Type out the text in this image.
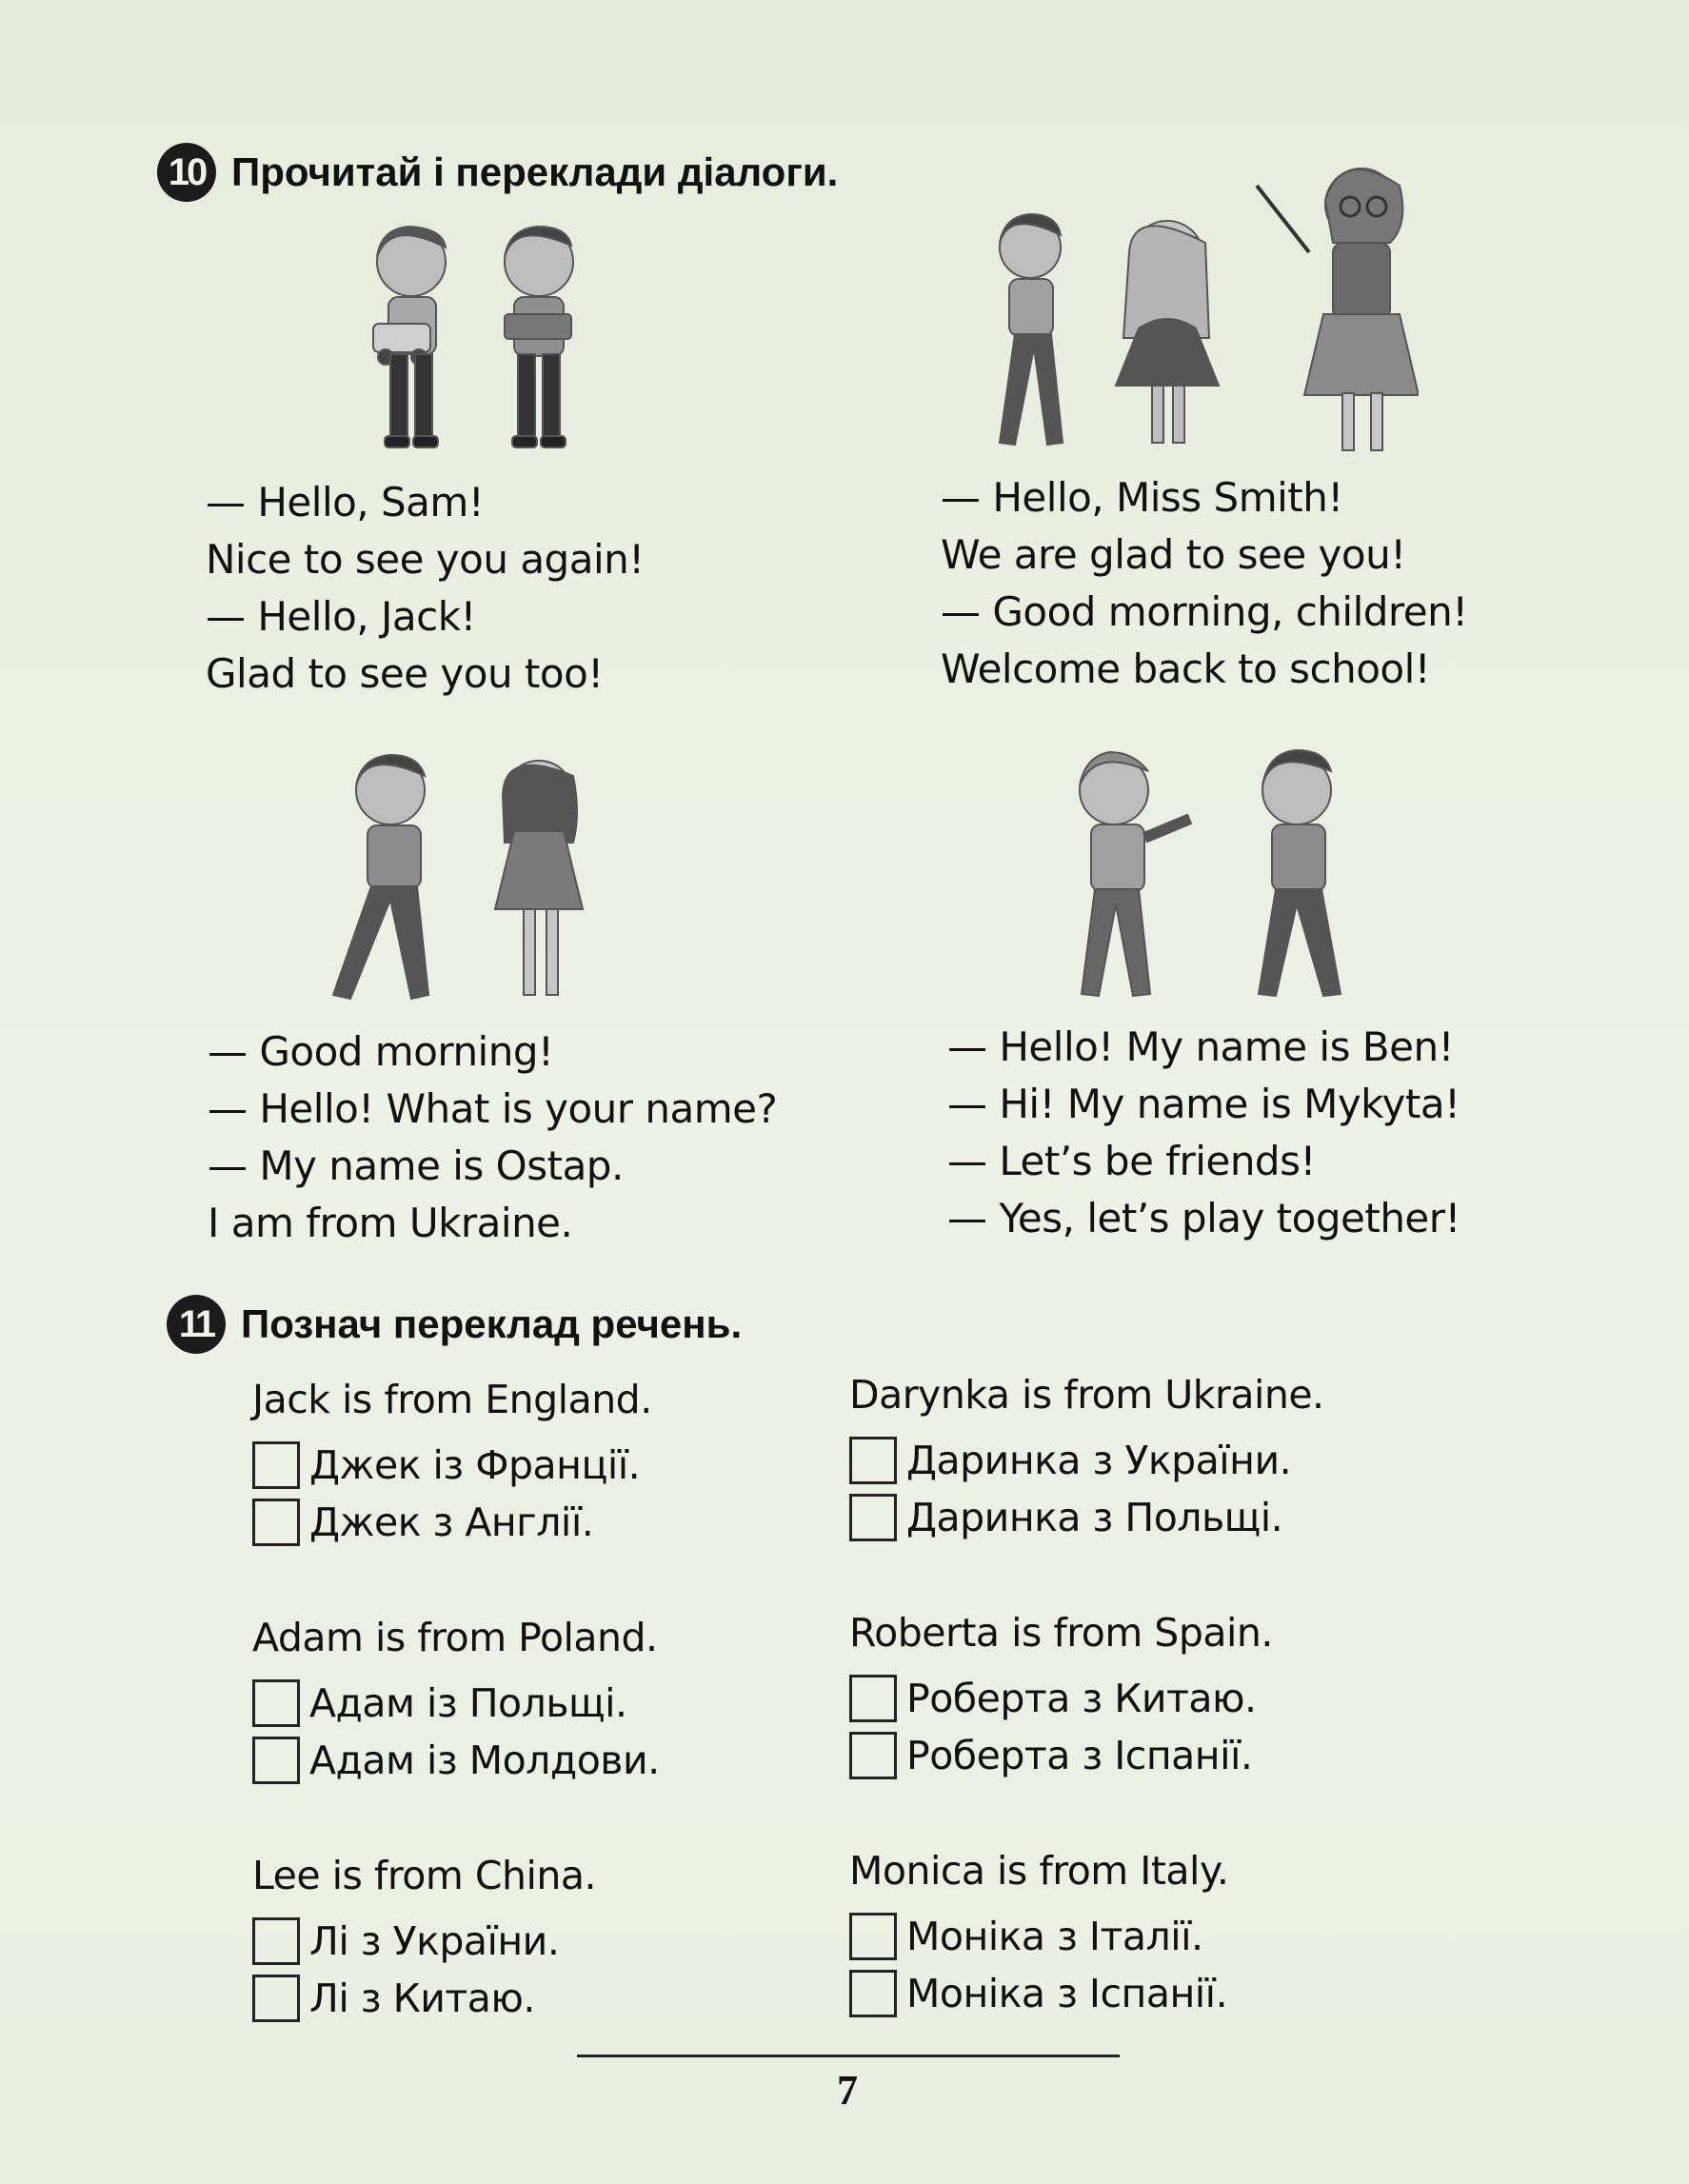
10 Прочитай і переклади діалоги.
— Hello, Sam!
Nice to see you again!
— Hello, Jack!
Glad to see you too!
— Hello, Miss Smith!
We are glad to see you!
— Good morning, children!
Welcome back to school!
— Good morning!
— Hello! What is your name?
— My name is Ostap.
I am from Ukraine.
— Hello! My name is Ben!
— Hi! My name is Mykyta!
— Let’s be friends!
— Yes, let’s play together!
11 Познач переклад речень.
Jack is from England.
Джек із Франції.
Джек з Англії.
Darynka is from Ukraine.
Даринка з України.
Даринка з Польщі.
Adam is from Poland.
Адам із Польщі.
Адам із Молдови.
Roberta is from Spain.
Роберта з Китаю.
Роберта з Іспанії.
Lee is from China.
Лі з України.
Лі з Китаю.
Monica is from Italy.
Моніка з Італії.
Моніка з Іспанії.
7
